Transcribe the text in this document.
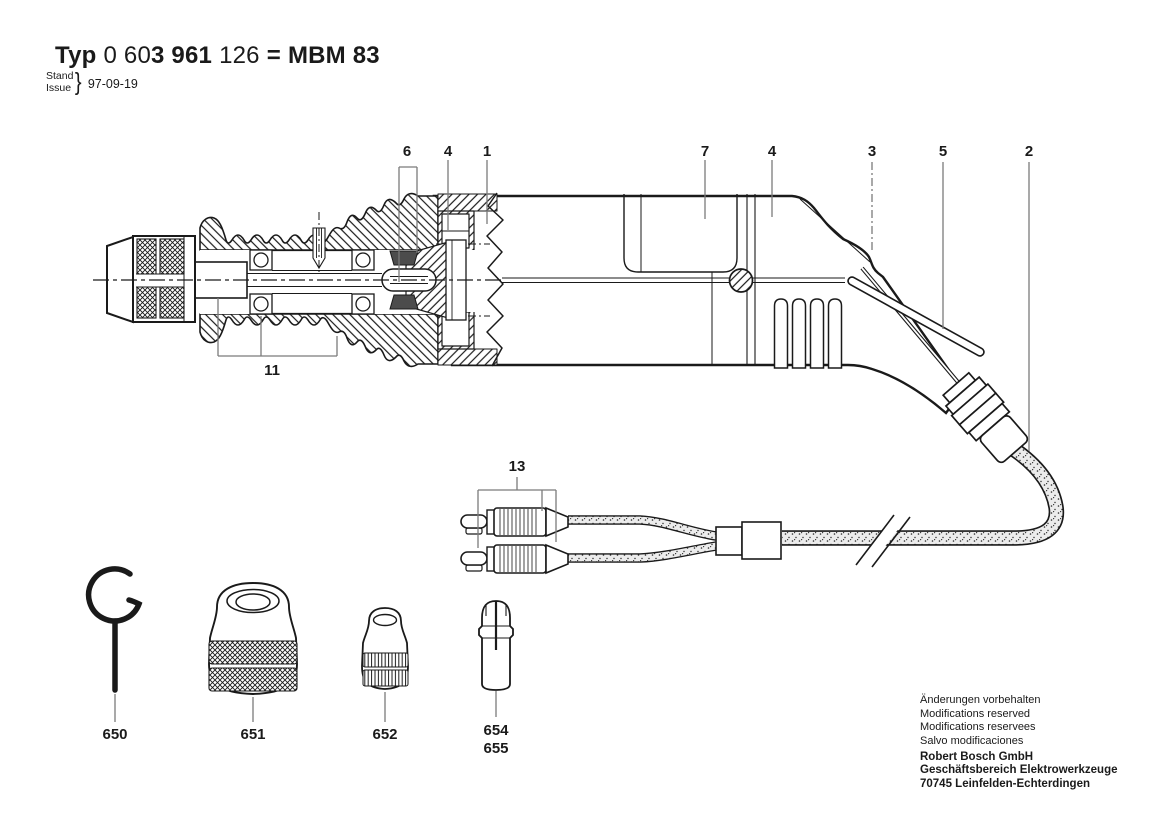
Typ 0 603 961 126 = MBM 83
Stand
Issue } 97-09-19
6 4 1	7	4	3	5	2
11
13
650	651	652	654
655
Änderungen vorbehalten
Modifications reserved
Modifications reservees
Salvo modificaciones
Robert Bosch GmbH
Geschäftsbereich Elektrowerkzeuge
70745 Leinfelden-Echterdingen
